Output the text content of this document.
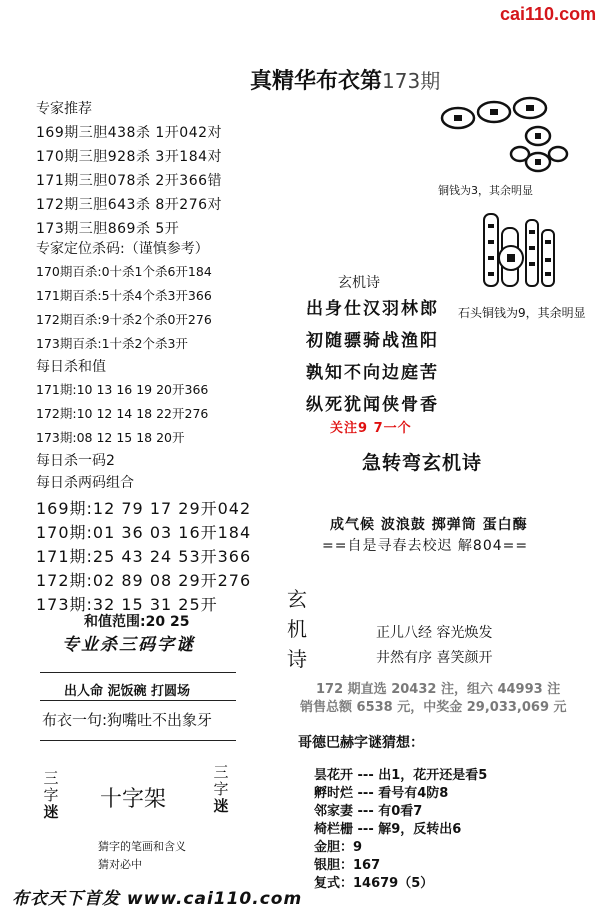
cai110.com
真精华布衣第173期
专家推荐
169期三胆438杀 1开042对
170期三胆928杀 3开184对
171期三胆078杀 2开366错
172期三胆643杀 8开276对
173期三胆869杀 5开
专家定位杀码:（谨慎参考）
170期百杀:0十杀1个杀6开184
171期百杀:5十杀4个杀3开366
172期百杀:9十杀2个杀0开276
173期百杀:1十杀2个杀3开
每日杀和值
171期:10 13 16 19 20开366
172期:10 12 14 18 22开276
173期:08 12 15 18 20开
每日杀一码2
每日杀两码组合
169期:12 79 17 29开042
170期:01 36 03 16开184
171期:25 43 24 53开366
172期:02 89 08 29开276
173期:32 15 31 25开
和值范围:20 25
专业杀三码字谜
出人命 泥饭碗 打圆场
布衣一句:狗嘴吐不出象牙
三
字
迷 十字架
三
字
迷
猜字的笔画和含义
猜对必中
布衣天下首发 www.cai110.com
铜钱为3，其余明显
石头铜钱为9，其余明显
玄机诗
出身仕汉羽林郎
初随骠骑战渔阳
孰知不向边庭苦
纵死犹闻侠骨香
关注9 7一个
急转弯玄机诗
成气候 波浪鼓 掷弹筒 蛋白酶
==自是寻春去校迟 解804==
玄
机
诗
正儿八经 容光焕发
井然有序 喜笑颜开
172 期直选 20432 注，组六 44993 注
销售总额 6538 元，中奖金 29,033,069 元
哥德巴赫字谜猜想：
昙花开 --- 出1，花开还是看5
孵时烂 --- 看号有4防8
邻家妻 --- 有0看7
椅栏栅 --- 解9，反转出6
金胆：9
银胆：167
复式：14679（5）
